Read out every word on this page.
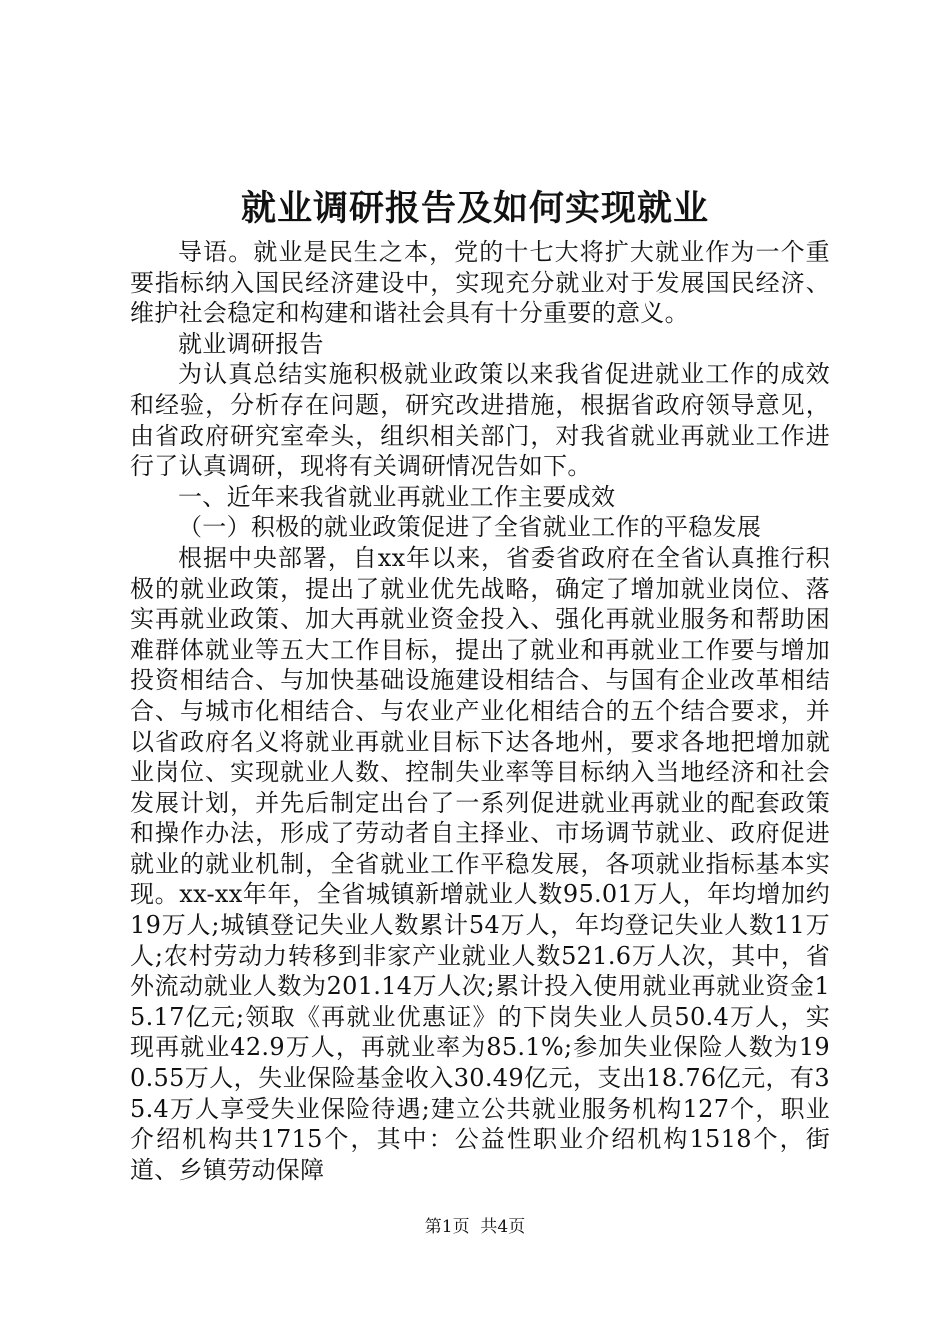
就业调研报告及如何实现就业

导语。就业是民生之本，党的十七大将扩大就业作为一个重要指标纳入国民经济建设中，实现充分就业对于发展国民经济、维护社会稳定和构建和谐社会具有十分重要的意义。

就业调研报告

为认真总结实施积极就业政策以来我省促进就业工作的成效和经验，分析存在问题，研究改进措施，根据省政府领导意见，由省政府研究室牵头，组织相关部门，对我省就业再就业工作进行了认真调研，现将有关调研情况告如下。

一、近年来我省就业再就业工作主要成效

（一）积极的就业政策促进了全省就业工作的平稳发展

根据中央部署，自xx年以来，省委省政府在全省认真推行积极的就业政策，提出了就业优先战略，确定了增加就业岗位、落实再就业政策、加大再就业资金投入、强化再就业服务和帮助困难群体就业等五大工作目标，提出了就业和再就业工作要与增加投资相结合、与加快基础设施建设相结合、与国有企业改革相结合、与城市化相结合、与农业产业化相结合的五个结合要求，并以省政府名义将就业再就业目标下达各地州，要求各地把增加就业岗位、实现就业人数、控制失业率等目标纳入当地经济和社会发展计划，并先后制定出台了一系列促进就业再就业的配套政策和操作办法，形成了劳动者自主择业、市场调节就业、政府促进就业的就业机制，全省就业工作平稳发展，各项就业指标基本实现。xx-xx年年，全省城镇新增就业人数95.01万人，年均增加约19万人;城镇登记失业人数累计54万人，年均登记失业人数11万人;农村劳动力转移到非家产业就业人数521.6万人次，其中，省外流动就业人数为201.14万人次;累计投入使用就业再就业资金15.17亿元;领取《再就业优惠证》的下岗失业人员50.4万人，实现再就业42.9万人，再就业率为85.1%;参加失业保险人数为190.55万人，失业保险基金收入30.49亿元，支出18.76亿元，有35.4万人享受失业保险待遇;建立公共就业服务机构127个，职业介绍机构共1715个，其中：公益性职业介绍机构1518个，街道、乡镇劳动保障

第1页 共4页
